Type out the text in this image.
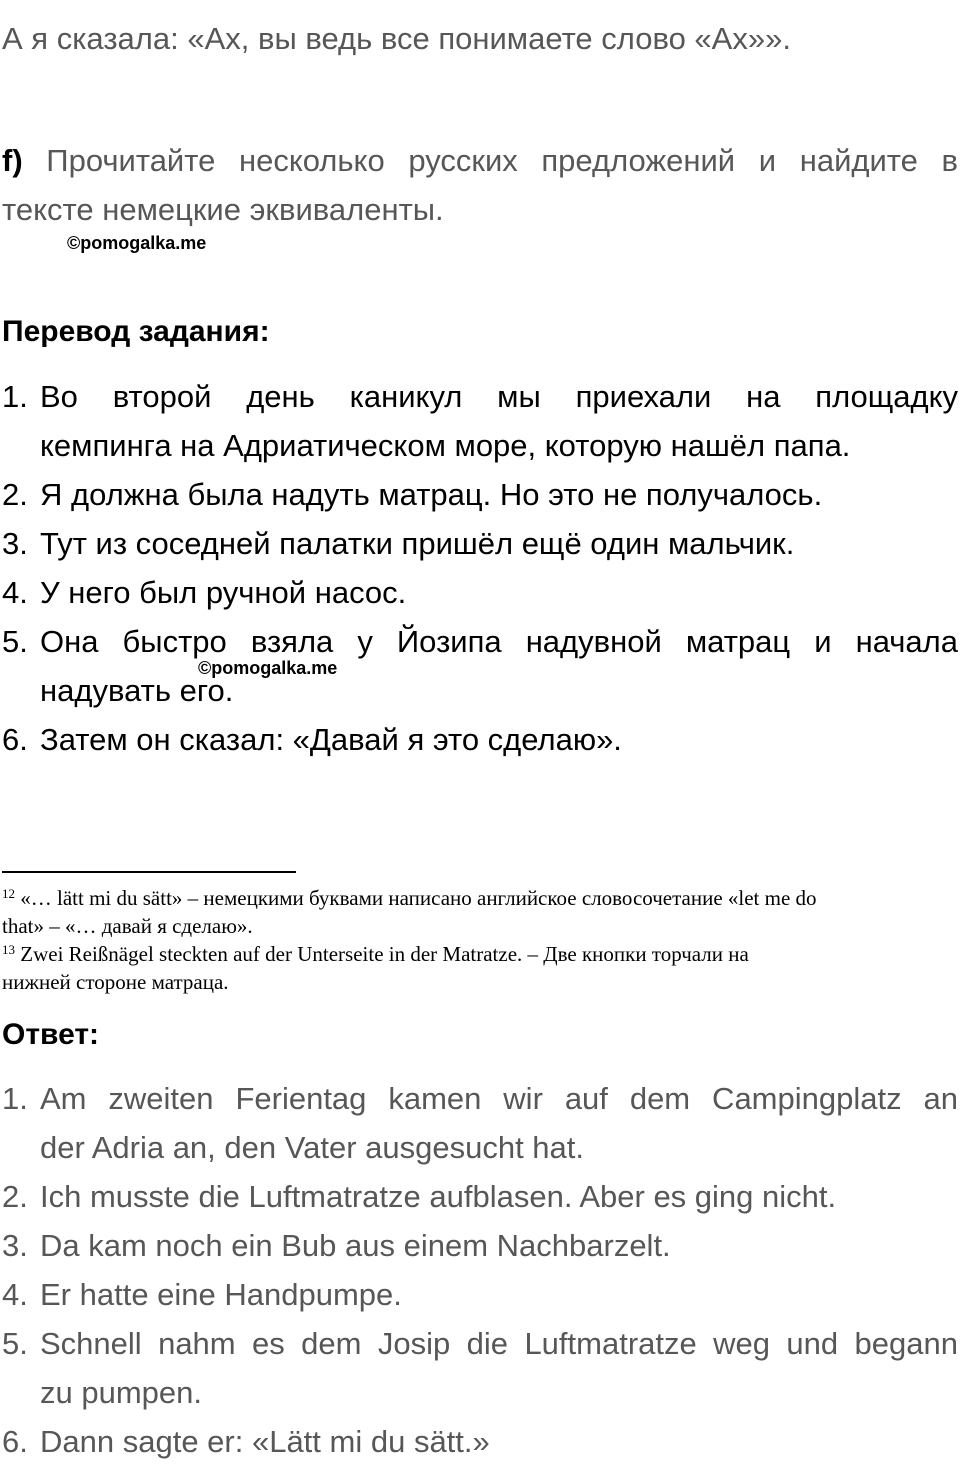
А я сказала: «Ах, вы ведь все понимаете слово «Ах»».

f) Прочитайте несколько русских предложений и найдите в
тексте немецкие эквиваленты.
©pomogalka.me
Перевод задания:
1. Во второй день каникул мы приехали на площадку
кемпинга на Адриатическом море, которую нашёл папа.
2. Я должна была надуть матрац. Но это не получалось.
3. Тут из соседней палатки пришёл ещё один мальчик.
4. У него был ручной насос.
5. Она быстро взяла у Йозипа надувной матрац и начала
надувать его.
6. Затем он сказал: «Давай я это сделаю».
©pomogalka.me
$^{12}$ «… lätt mi du sätt» – немецкими буквами написано английское словосочетание «let me do
that» – «… давай я сделаю».
$^{13}$ Zwei Reißnägel steckten auf der Unterseite in der Matratze. – Две кнопки торчали на
нижней стороне матраца.
Ответ:
1. Am zweiten Ferientag kamen wir auf dem Campingplatz an
der Adria an, den Vater ausgesucht hat.
2. Ich musste die Luftmatratze aufblasen. Aber es ging nicht.
3. Da kam noch ein Bub aus einem Nachbarzelt.
4. Er hatte eine Handpumpe.
5. Schnell nahm es dem Josip die Luftmatratze weg und begann
zu pumpen.
6. Dann sagte er: «Lätt mi du sätt.»
